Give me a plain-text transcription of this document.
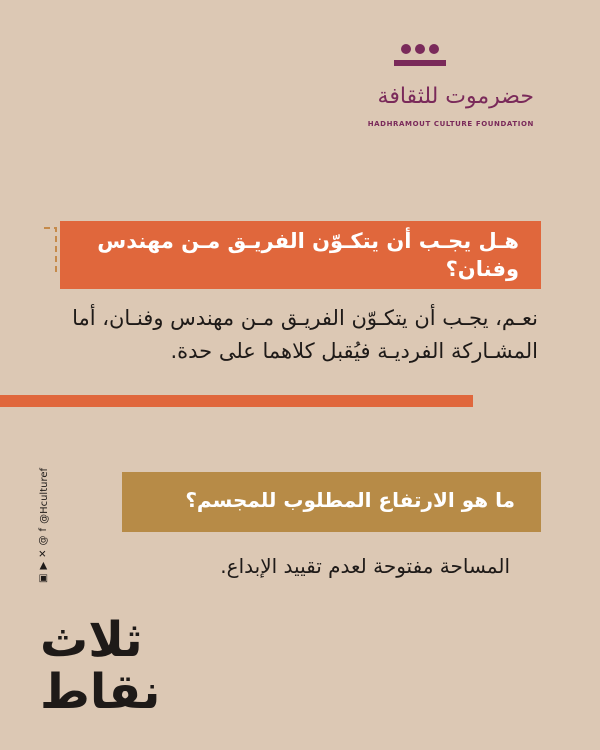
حضرموت للثقافة
HADHRAMOUT CULTURE FOUNDATION
هـل يجـب أن يتكـوّن الفريـق مـن مهندس وفنان؟
نعـم، يجـب أن يتكـوّن الفريـق مـن مهندس وفنـان، أما المشـاركة الفرديـة فيُقبل كلاهما على حدة.
ما هو الارتفاع المطلوب للمجسم؟
المساحة مفتوحة لعدم تقييد الإبداع.
▣
▶
✕
@
f
@Hculturef
ثلاث
نقاط
